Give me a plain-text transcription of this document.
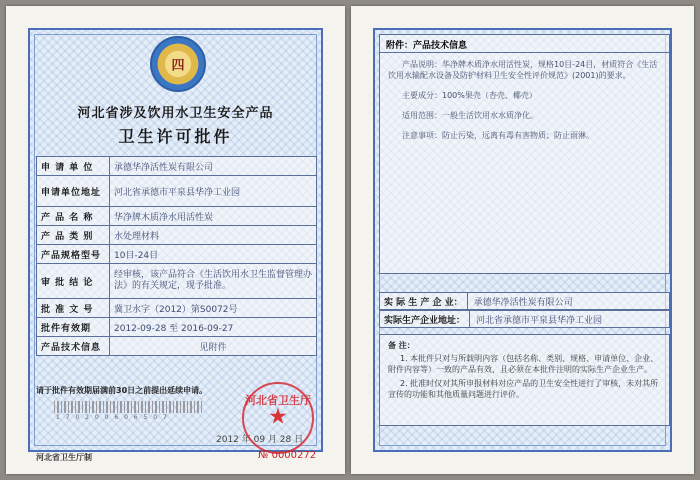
四
河北省涉及饮用水卫生安全产品
卫生许可批件
申 请 单 位	承德华净活性炭有限公司
申请单位地址	河北省承德市平泉县华净工业园
产 品 名 称	华净牌木质净水用活性炭
产 品 类 别	水处理材料
产品规格型号	10目-24目
审 批 结 论	经审核，该产品符合《生活饮用水卫生监督管理办法》的有关规定，现予批准。
批 准 文 号	冀卫水字（2012）第S0072号
批件有效期	2012-09-28 至 2016-09-27
产品技术信息	见附件
请于批件有效期届满前30日之前提出延续申请。
1 7 0 2 0 0 6 0 6 5 0 7
2012 年 09 月 28 日
河北省卫生厅
★
河北省卫生厅制	№ 0000272
附件：产品技术信息

产品说明：华净牌木质净水用活性炭，规格10目-24目，材质符合《生活饮用水输配水设备及防护材料卫生安全性评价规范》(2001)的要求。

主要成分：100%果壳（杏壳、椰壳）

适用范围：一般生活饮用水水质净化。

注意事项：防止污染，远离有毒有害物质；防止雨淋。

实 际 生 产 企 业：	承德华净活性炭有限公司
实际生产企业地址：	河北省承德市平泉县华净工业园
备 注：

1. 本批件只对与所载明内容（包括名称、类别、规格、申请单位、企业、附件内容等）一致的产品有效，且必须在本批件注明的实际生产企业生产。

2. 批准时仅对其所申报材料对应产品的卫生安全性进行了审核，未对其所宣传的功能和其他质量问题进行评价。
